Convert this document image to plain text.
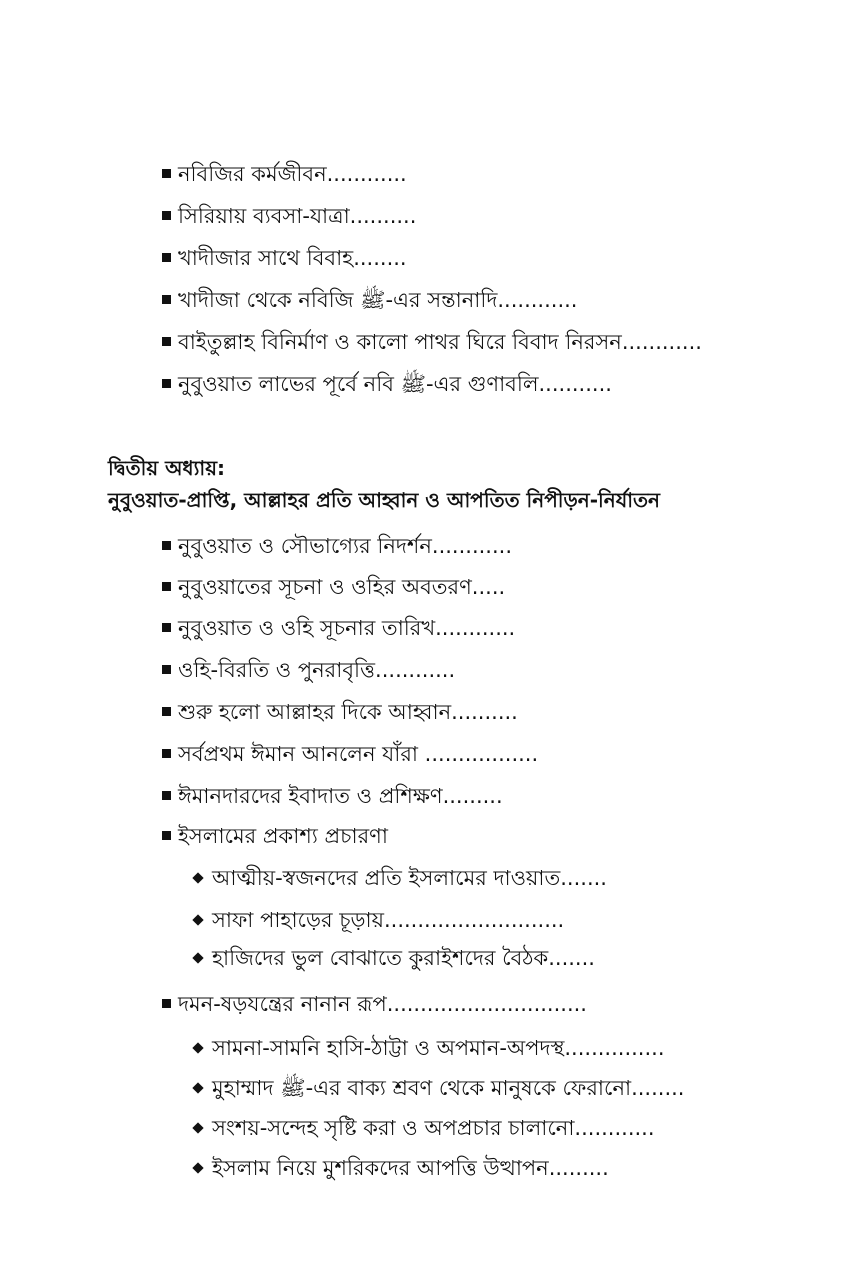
নবিজির কর্মজীবন............
সিরিয়ায় ব্যবসা-যাত্রা..........
খাদীজার সাথে বিবাহ........
খাদীজা থেকে নবিজি ﷺ-এর সন্তানাদি............
বাইতুল্লাহ বিনির্মাণ ও কালো পাথর ঘিরে বিবাদ নিরসন............
নুবুওয়াত লাভের পূর্বে নবি ﷺ-এর গুণাবলি...........
দ্বিতীয় অধ্যায়:
নুবুওয়াত-প্রাপ্তি, আল্লাহর প্রতি আহ্বান ও আপতিত নিপীড়ন-নির্যাতন
নুবুওয়াত ও সৌভাগ্যের নিদর্শন............
নুবুওয়াতের সূচনা ও ওহির অবতরণ.....
নুবুওয়াত ও ওহি সূচনার তারিখ............
ওহি-বিরতি ও পুনরাবৃত্তি............
শুরু হলো আল্লাহর দিকে আহ্বান..........
সর্বপ্রথম ঈমান আনলেন যাঁরা .................
ঈমানদারদের ইবাদাত ও প্রশিক্ষণ.........
ইসলামের প্রকাশ্য প্রচারণা
আত্মীয়-স্বজনদের প্রতি ইসলামের দাওয়াত.......
সাফা পাহাড়ের চূড়ায়...........................
হাজিদের ভুল বোঝাতে কুরাইশদের বৈঠক.......
দমন-ষড়যন্ত্রের নানান রূপ..............................
সামনা-সামনি হাসি-ঠাট্টা ও অপমান-অপদস্থ...............
মুহাম্মাদ ﷺ-এর বাক্য শ্রবণ থেকে মানুষকে ফেরানো........
সংশয়-সন্দেহ সৃষ্টি করা ও অপপ্রচার চালানো............
ইসলাম নিয়ে মুশরিকদের আপত্তি উত্থাপন.........
